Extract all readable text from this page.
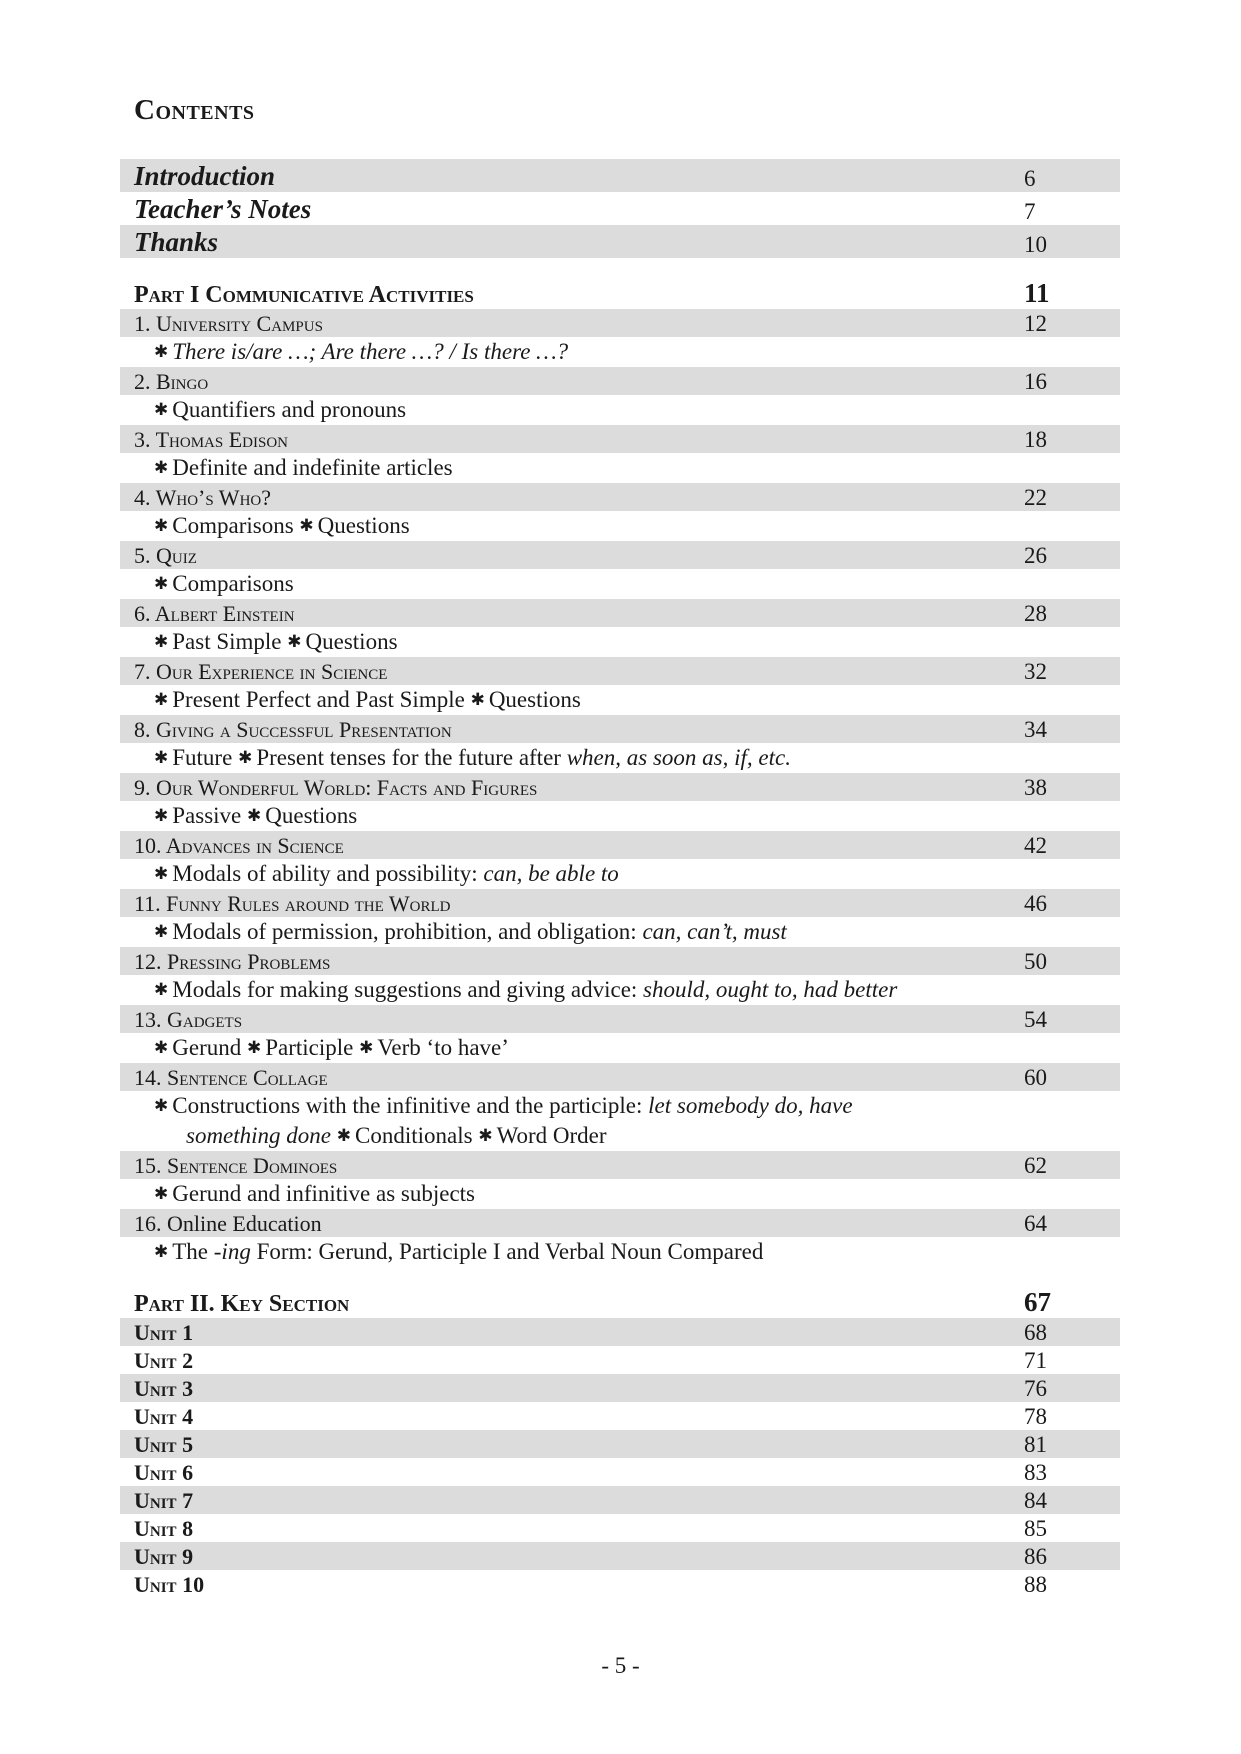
Contents
Introduction	6
Teacher’s Notes	7
Thanks	10
Part I Communicative Activities	11
1. University Campus	12
✱ There is/are …; Are there …? / Is there …?
2. Bingo	16
✱ Quantifiers and pronouns
3. Thomas Edison	18
✱ Definite and indefinite articles
4. Who’s Who?	22
✱ Comparisons ✱ Questions
5. Quiz	26
✱ Comparisons
6. Albert Einstein	28
✱ Past Simple ✱ Questions
7. Our Experience in Science	32
✱ Present Perfect and Past Simple ✱ Questions
8. Giving a Successful Presentation	34
✱ Future ✱ Present tenses for the future after when, as soon as, if, etc.
9. Our Wonderful World: Facts and Figures	38
✱ Passive ✱ Questions
10. Advances in Science	42
✱ Modals of ability and possibility: can, be able to
11. Funny Rules around the World	46
✱ Modals of permission, prohibition, and obligation: can, can’t, must
12. Pressing Problems	50
✱ Modals for making suggestions and giving advice: should, ought to, had better
13. Gadgets	54
✱ Gerund ✱ Participle ✱ Verb ‘to have’
14. Sentence Collage	60
✱ Constructions with the infinitive and the participle: let somebody do, have
something done ✱ Conditionals ✱ Word Order
15. Sentence Dominoes	62
✱ Gerund and infinitive as subjects
16. Online Education	64
✱ The -ing Form: Gerund, Participle I and Verbal Noun Compared
Part II. Key Section	67
Unit 1	68
Unit 2	71
Unit 3	76
Unit 4	78
Unit 5	81
Unit 6	83
Unit 7	84
Unit 8	85
Unit 9	86
Unit 10	88
- 5 -
